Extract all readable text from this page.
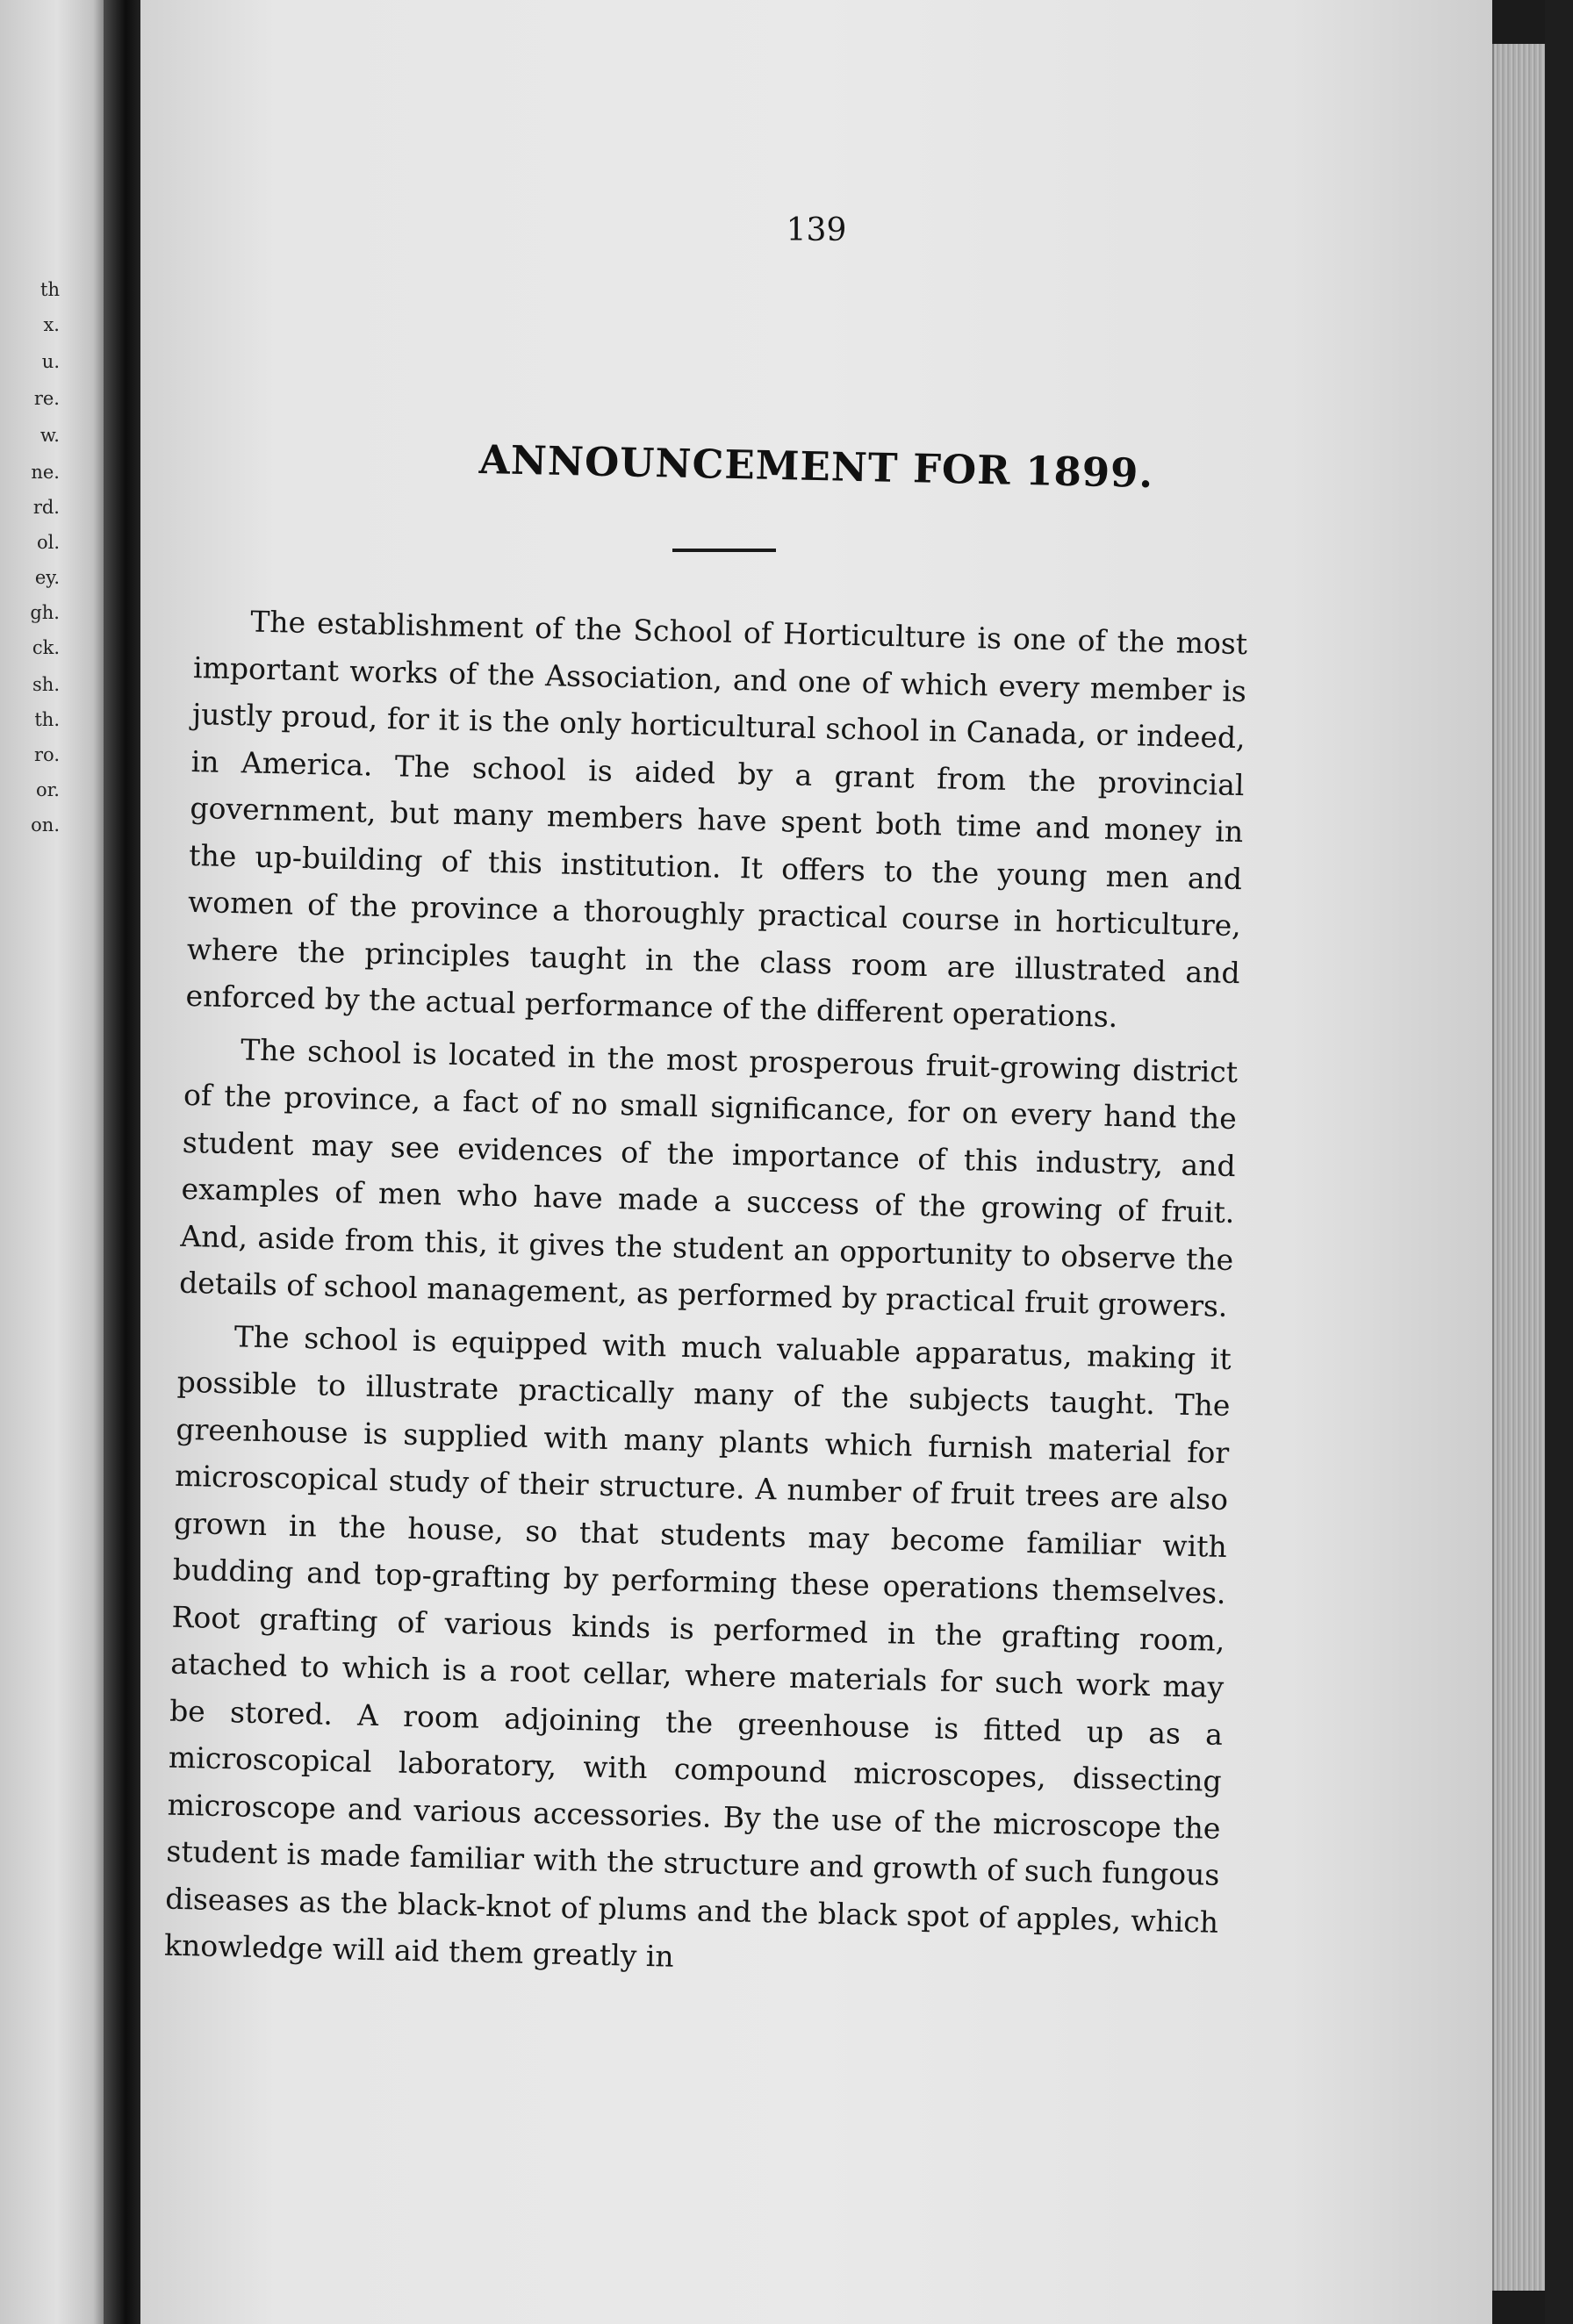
th
x.
u.
re.
w.
ne.
rd.
ol.
ey.
gh.
ck.
sh.
th.
ro.
or.
on.
139
ANNOUNCEMENT FOR 1899.

The establishment of the School of Horticulture is one of the most important works of the Association, and one of which every member is justly proud, for it is the only horticultural school in Canada, or indeed, in America. The school is aided by a grant from the provincial government, but many members have spent both time and money in the up-building of this institution. It offers to the young men and women of the province a thoroughly practical course in horticulture, where the principles taught in the class room are illustrated and enforced by the actual performance of the different operations.

The school is located in the most prosperous fruit-growing district of the province, a fact of no small significance, for on every hand the student may see evidences of the importance of this industry, and examples of men who have made a success of the growing of fruit. And, aside from this, it gives the student an opportunity to observe the details of school management, as performed by practical fruit growers.

The school is equipped with much valuable apparatus, making it possible to illustrate practically many of the subjects taught. The greenhouse is supplied with many plants which furnish material for microscopical study of their structure. A number of fruit trees are also grown in the house, so that students may become familiar with budding and top-grafting by performing these operations themselves. Root grafting of various kinds is performed in the grafting room, atached to which is a root cellar, where materials for such work may be stored. A room adjoining the greenhouse is fitted up as a microscopical laboratory, with compound microscopes, dissecting microscope and various accessories. By the use of the microscope the student is made familiar with the structure and growth of such fungous diseases as the black-knot of plums and the black spot of apples, which knowledge will aid them greatly in
